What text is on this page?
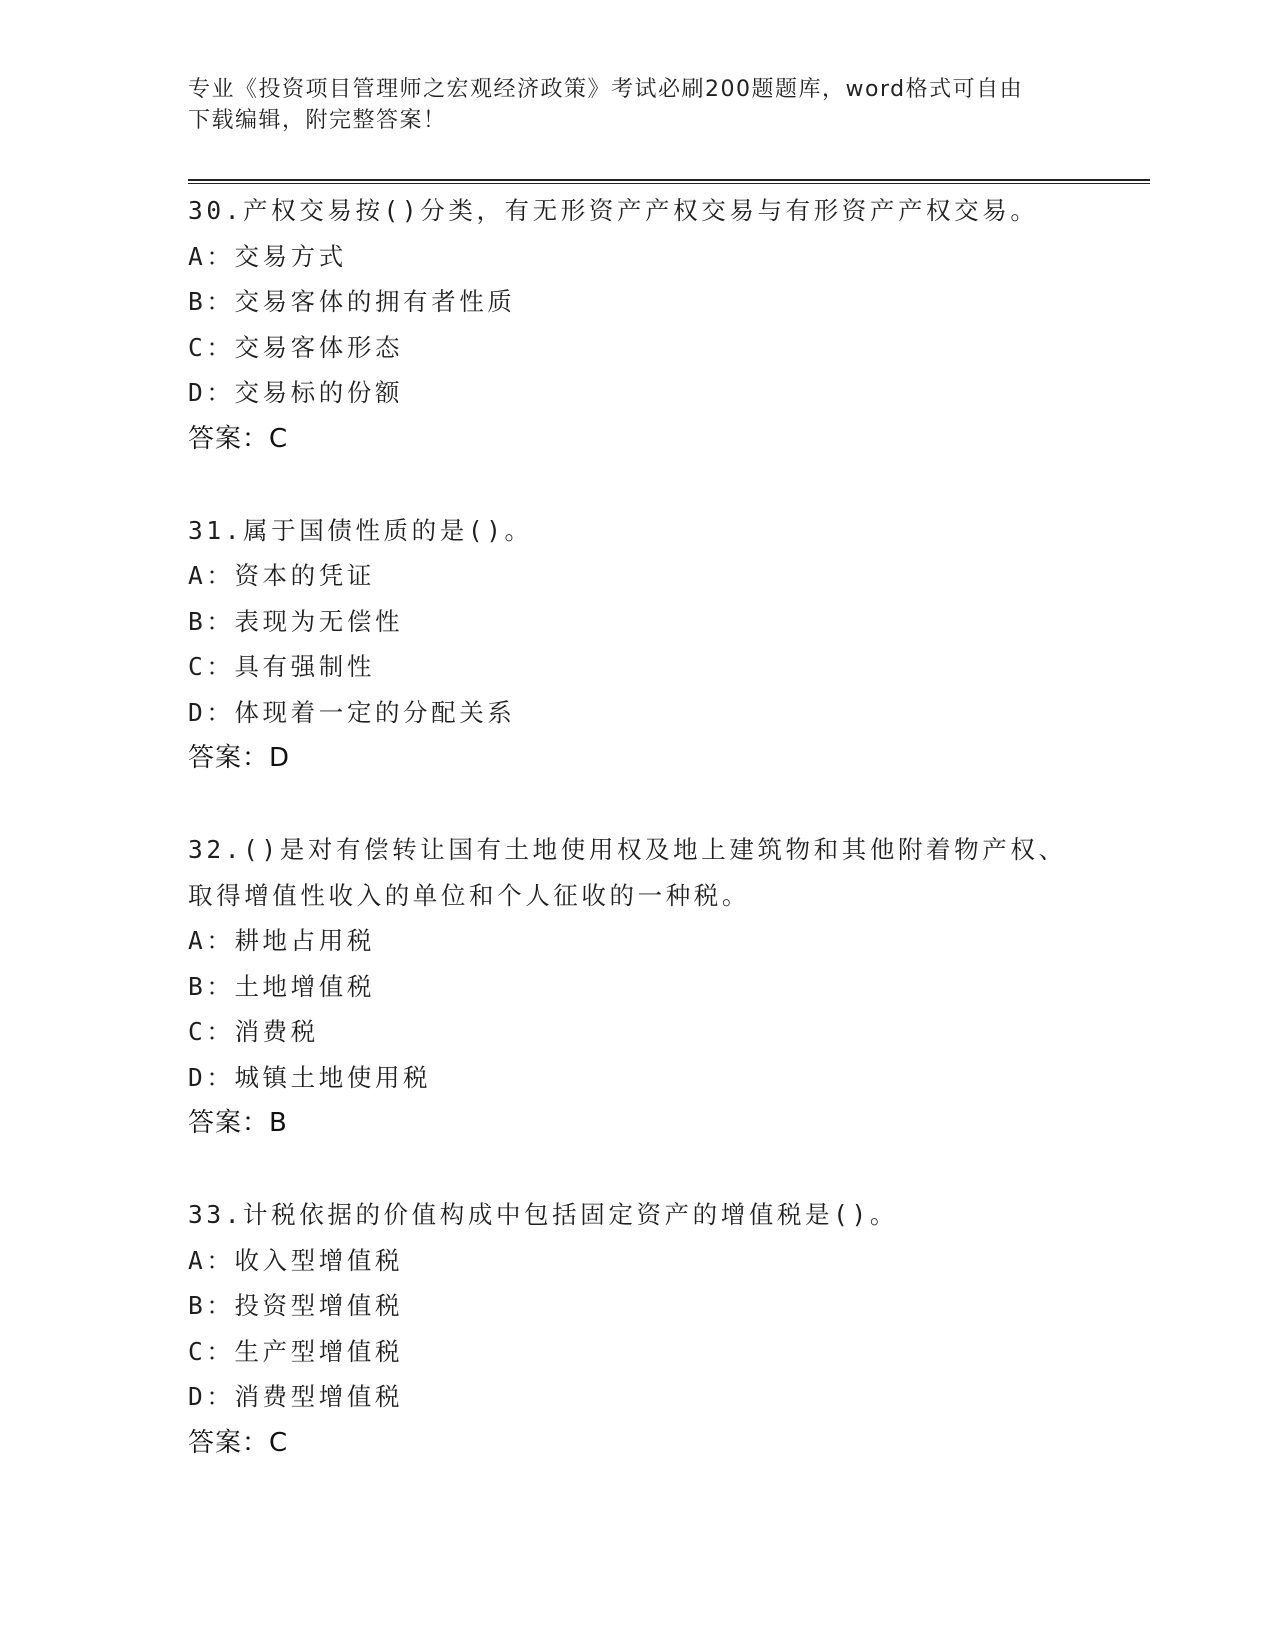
专业《投资项目管理师之宏观经济政策》考试必刷200题题库，word格式可自由
下载编辑，附完整答案！
30.产权交易按()分类，有无形资产产权交易与有形资产产权交易。
A：交易方式
B：交易客体的拥有者性质
C：交易客体形态
D：交易标的份额
答案：C
31.属于国债性质的是()。
A：资本的凭证
B：表现为无偿性
C：具有强制性
D：体现着一定的分配关系
答案：D
32.()是对有偿转让国有土地使用权及地上建筑物和其他附着物产权、
取得增值性收入的单位和个人征收的一种税。
A：耕地占用税
B：土地增值税
C：消费税
D：城镇土地使用税
答案：B
33.计税依据的价值构成中包括固定资产的增值税是()。
A：收入型增值税
B：投资型增值税
C：生产型增值税
D：消费型增值税
答案：C
